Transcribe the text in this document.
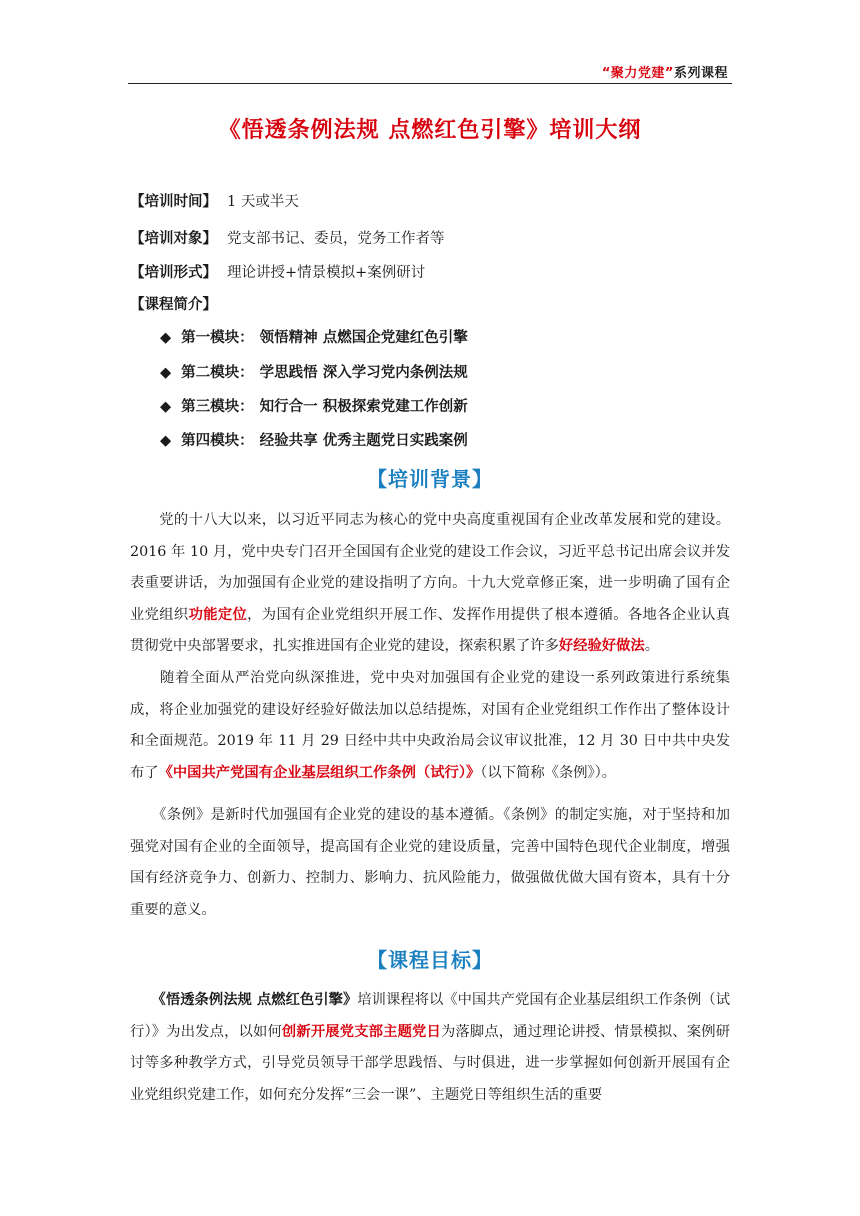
“聚力党建”系列课程
《悟透条例法规 点燃红色引擎》培训大纲
【培训时间】 1 天或半天
【培训对象】 党支部书记、委员，党务工作者等
【培训形式】 理论讲授+情景模拟+案例研讨
【课程简介】
◆ 第一模块： 领悟精神 点燃国企党建红色引擎
◆ 第二模块： 学思践悟 深入学习党内条例法规
◆ 第三模块： 知行合一 积极探索党建工作创新
◆ 第四模块： 经验共享 优秀主题党日实践案例
【培训背景】
　　党的十八大以来，以习近平同志为核心的党中央高度重视国有企业改革发展和党的建设。2016 年 10 月，党中央专门召开全国国有企业党的建设工作会议，习近平总书记出席会议并发表重要讲话，为加强国有企业党的建设指明了方向。十九大党章修正案，进一步明确了国有企业党组织功能定位，为国有企业党组织开展工作、发挥作用提供了根本遵循。各地各企业认真贯彻党中央部署要求，扎实推进国有企业党的建设，探索积累了许多好经验好做法。
　　随着全面从严治党向纵深推进，党中央对加强国有企业党的建设一系列政策进行系统集成，将企业加强党的建设好经验好做法加以总结提炼，对国有企业党组织工作作出了整体设计和全面规范。2019 年 11 月 29 日经中共中央政治局会议审议批准，12 月 30 日中共中央发布了《中国共产党国有企业基层组织工作条例（试行）》（以下简称《条例》）。
　　《条例》是新时代加强国有企业党的建设的基本遵循。《条例》的制定实施，对于坚持和加强党对国有企业的全面领导，提高国有企业党的建设质量，完善中国特色现代企业制度，增强国有经济竞争力、创新力、控制力、影响力、抗风险能力，做强做优做大国有资本，具有十分重要的意义。
【课程目标】
　　《悟透条例法规 点燃红色引擎》培训课程将以《中国共产党国有企业基层组织工作条例（试行）》为出发点，以如何创新开展党支部主题党日为落脚点，通过理论讲授、情景模拟、案例研讨等多种教学方式，引导党员领导干部学思践悟、与时俱进，进一步掌握如何创新开展国有企业党组织党建工作，如何充分发挥“三会一课”、主题党日等组织生活的重要
